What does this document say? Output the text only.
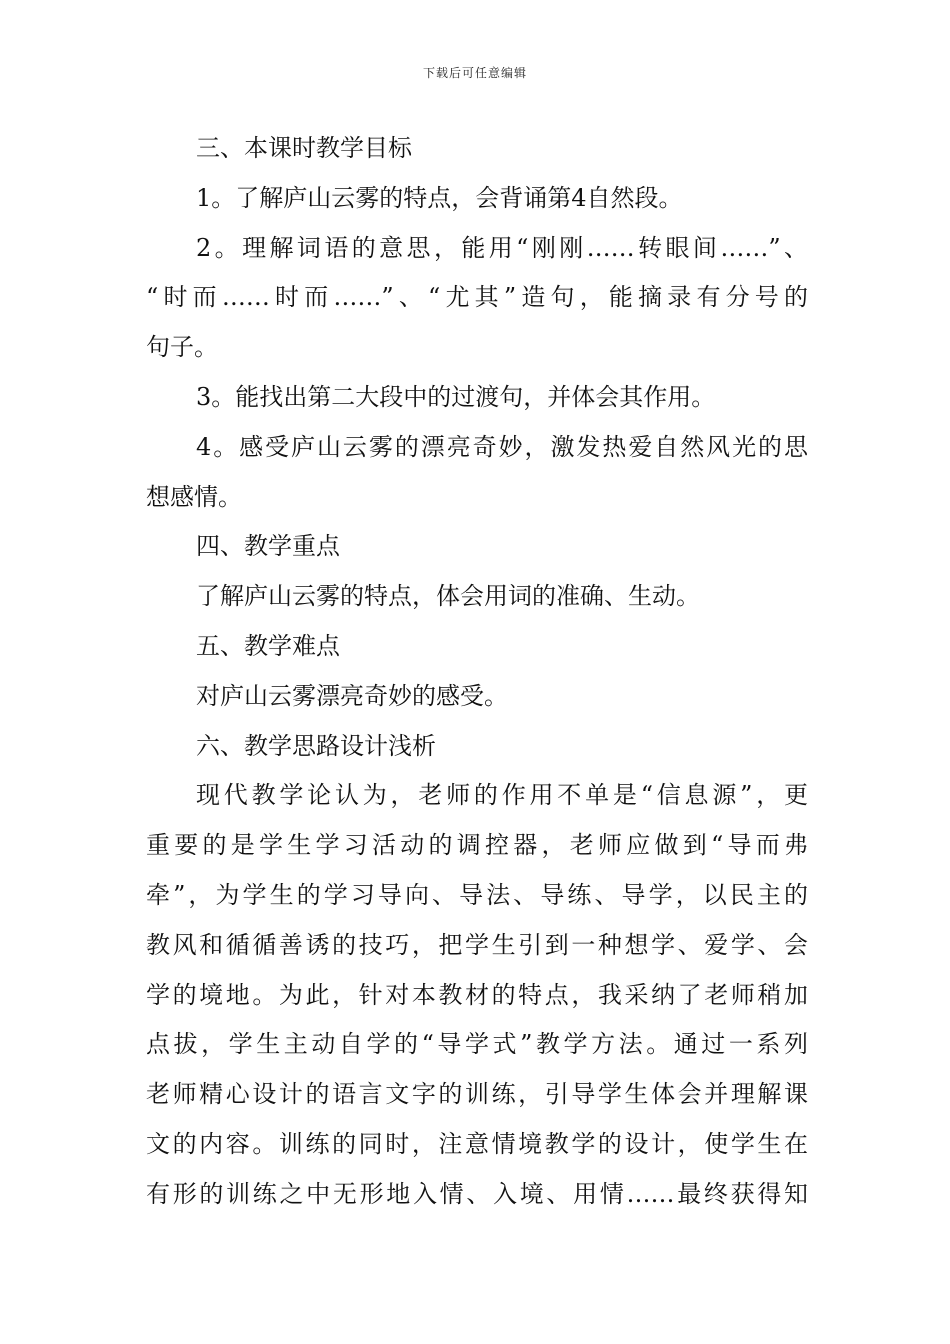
下载后可任意编辑
三、本课时教学目标
1。了解庐山云雾的特点，会背诵第4自然段。
2。理解词语的意思，能用“刚刚……转眼间……”、
“时而……时而……”、“尤其”造句，能摘录有分号的
句子。
3。能找出第二大段中的过渡句，并体会其作用。
4。感受庐山云雾的漂亮奇妙，激发热爱自然风光的思
想感情。
四、教学重点
了解庐山云雾的特点，体会用词的准确、生动。
五、教学难点
对庐山云雾漂亮奇妙的感受。
六、教学思路设计浅析
现代教学论认为，老师的作用不单是“信息源”，更
重要的是学生学习活动的调控器，老师应做到“导而弗
牵”，为学生的学习导向、导法、导练、导学，以民主的
教风和循循善诱的技巧，把学生引到一种想学、爱学、会
学的境地。为此，针对本教材的特点，我采纳了老师稍加
点拔，学生主动自学的“导学式”教学方法。通过一系列
老师精心设计的语言文字的训练，引导学生体会并理解课
文的内容。训练的同时，注意情境教学的设计，使学生在
有形的训练之中无形地入情、入境、用情……最终获得知
